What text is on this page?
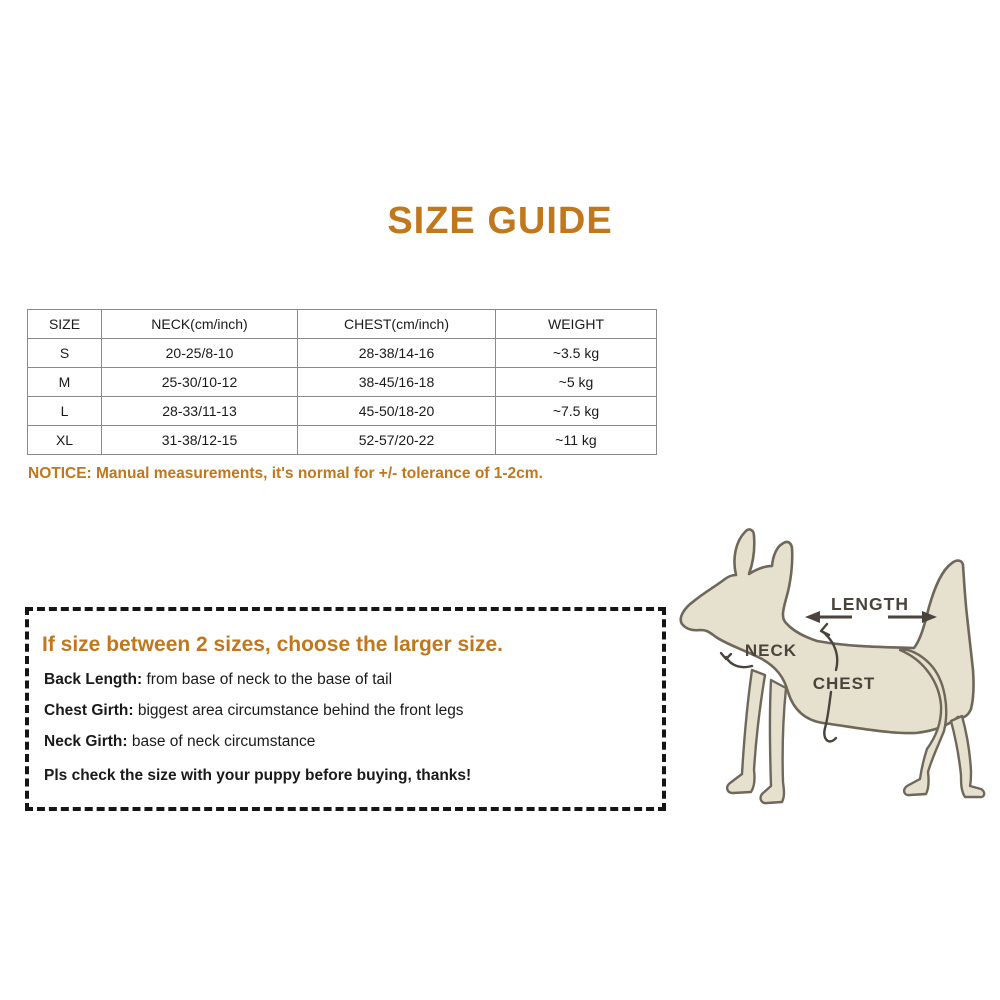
SIZE GUIDE
SIZE	NECK(cm/inch)	CHEST(cm/inch)	WEIGHT
S	20-25/8-10	28-38/14-16	~3.5 kg
M	25-30/10-12	38-45/16-18	~5 kg
L	28-33/11-13	45-50/18-20	~7.5 kg
XL	31-38/12-15	52-57/20-22	~11 kg
NOTICE: Manual measurements, it's normal for +/- tolerance of 1-2cm.

If size between 2 sizes, choose the larger size.

Back Length: from base of neck to the base of tail

Chest Girth: biggest area circumstance behind the front legs

Neck Girth: base of neck circumstance

Pls check the size with your puppy before buying, thanks!

LENGTH
NECK
CHEST
